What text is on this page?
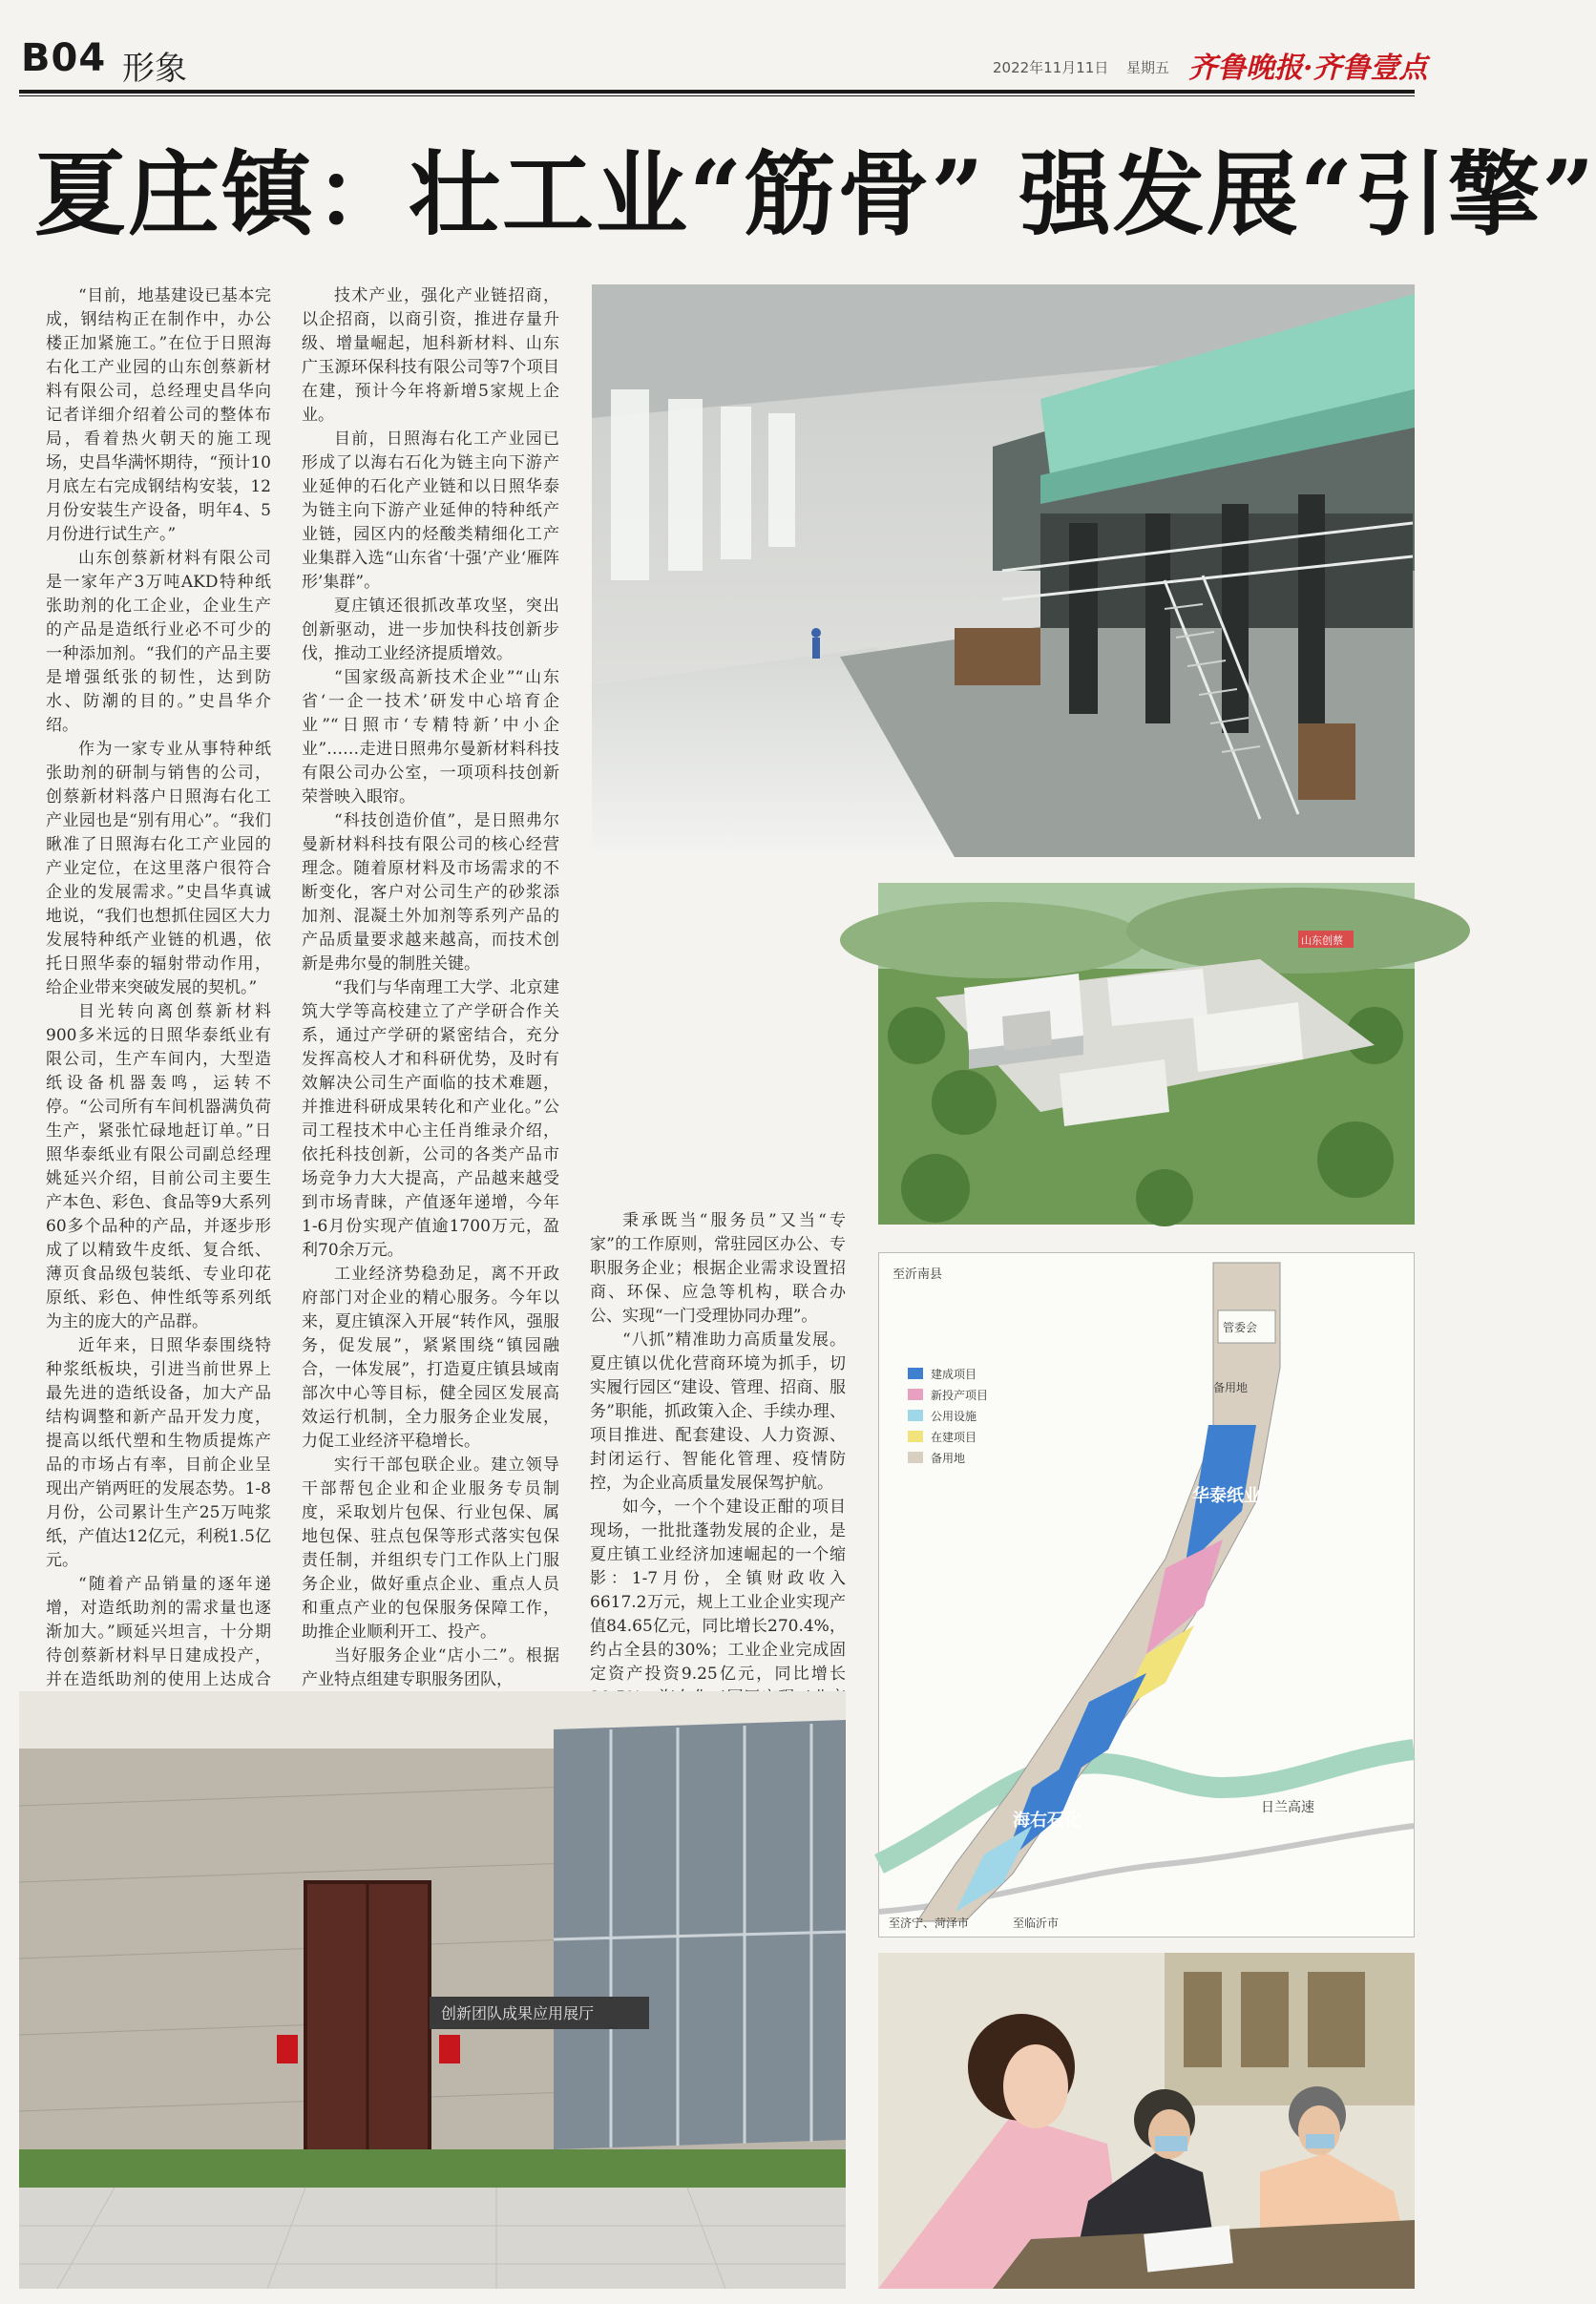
B04 形象	2022年11月11日 星期五 齐鲁晚报·齐鲁壹点
夏庄镇：壮工业“筋骨” 强发展“引擎”

“目前，地基建设已基本完成，钢结构正在制作中，办公楼正加紧施工。”在位于日照海右化工产业园的山东创蔡新材料有限公司，总经理史昌华向记者详细介绍着公司的整体布局，看着热火朝天的施工现场，史昌华满怀期待，“预计10月底左右完成钢结构安装，12月份安装生产设备，明年4、5月份进行试生产。”

山东创蔡新材料有限公司是一家年产3万吨AKD特种纸张助剂的化工企业，企业生产的产品是造纸行业必不可少的一种添加剂。“我们的产品主要是增强纸张的韧性，达到防水、防潮的目的。”史昌华介绍。

作为一家专业从事特种纸张助剂的研制与销售的公司，创蔡新材料落户日照海右化工产业园也是“别有用心”。“我们瞅准了日照海右化工产业园的产业定位，在这里落户很符合企业的发展需求。”史昌华真诚地说，“我们也想抓住园区大力发展特种纸产业链的机遇，依托日照华泰的辐射带动作用，给企业带来突破发展的契机。”

目光转向离创蔡新材料900多米远的日照华泰纸业有限公司，生产车间内，大型造纸设备机器轰鸣，运转不停。“公司所有车间机器满负荷生产，紧张忙碌地赶订单。”日照华泰纸业有限公司副总经理姚延兴介绍，目前公司主要生产本色、彩色、食品等9大系列60多个品种的产品，并逐步形成了以精致牛皮纸、复合纸、薄页食品级包装纸、专业印花原纸、彩色、伸性纸等系列纸为主的庞大的产品群。

近年来，日照华泰围绕特种浆纸板块，引进当前世界上最先进的造纸设备，加大产品结构调整和新产品开发力度，提高以纸代塑和生物质提炼产品的市场占有率，目前企业呈现出产销两旺的发展态势。1-8月份，公司累计生产25万吨浆纸，产值达12亿元，利税1.5亿元。

“随着产品销量的逐年递增，对造纸助剂的需求量也逐渐加大。”顾延兴坦言，十分期待创蔡新材料早日建成投产，并在造纸助剂的使用上达成合

技术产业，强化产业链招商，以企招商，以商引资，推进存量升级、增量崛起，旭科新材料、山东广玉源环保科技有限公司等7个项目在建，预计今年将新增5家规上企业。

目前，日照海右化工产业园已形成了以海右石化为链主向下游产业延伸的石化产业链和以日照华泰为链主向下游产业延伸的特种纸产业链，园区内的烃酸类精细化工产业集群入选“山东省‘十强’产业‘雁阵形’集群”。

夏庄镇还很抓改革攻坚，突出创新驱动，进一步加快科技创新步伐，推动工业经济提质增效。

“国家级高新技术企业”“山东省‘一企一技术’研发中心培育企业”“日照市‘专精特新’中小企业”……走进日照弗尔曼新材料科技有限公司办公室，一项项科技创新荣誉映入眼帘。

“科技创造价值”，是日照弗尔曼新材料科技有限公司的核心经营理念。随着原材料及市场需求的不断变化，客户对公司生产的砂浆添加剂、混凝土外加剂等系列产品的产品质量要求越来越高，而技术创新是弗尔曼的制胜关键。

“我们与华南理工大学、北京建筑大学等高校建立了产学研合作关系，通过产学研的紧密结合，充分发挥高校人才和科研优势，及时有效解决公司生产面临的技术难题，并推进科研成果转化和产业化。”公司工程技术中心主任肖维录介绍，依托科技创新，公司的各类产品市场竞争力大大提高，产品越来越受到市场青睐，产值逐年递增，今年1-6月份实现产值逾1700万元，盈利70余万元。

工业经济势稳劲足，离不开政府部门对企业的精心服务。今年以来，夏庄镇深入开展“转作风，强服务，促发展”，紧紧围绕“镇园融合，一体发展”，打造夏庄镇县域南部次中心等目标，健全园区发展高效运行机制，全力服务企业发展，力促工业经济平稳增长。

实行干部包联企业。建立领导干部帮包企业和企业服务专员制度，采取划片包保、行业包保、属地包保、驻点包保等形式落实包保责任制，并组织专门工作队上门服务企业，做好重点企业、重点人员和重点产业的包保服务保障工作，助推企业顺利开工、投产。

当好服务企业“店小二”。根据产业特点组建专职服务团队，

秉承既当“服务员”又当“专家”的工作原则，常驻园区办公、专职服务企业；根据企业需求设置招商、环保、应急等机构，联合办公、实现“一门受理协同办理”。

“八抓”精准助力高质量发展。夏庄镇以优化营商环境为抓手，切实履行园区“建设、管理、招商、服务”职能，抓政策入企、手续办理、项目推进、配套建设、人力资源、封闭运行、智能化管理、疫情防控，为企业高质量发展保驾护航。

如今，一个个建设正酣的项目现场，一批批蓬勃发展的企业，是夏庄镇工业经济加速崛起的一个缩影：1-7月份，全镇财政收入6617.2万元，规上工业企业实现产值84.65亿元，同比增长270.4%，约占全县的30%；工业企业完成固定资产投资9.25亿元，同比增长

山东创蔡
管委会
备用地
华泰纸业
海右石化
至沂南县
至济宁、菏泽市	至临沂市
日兰高速
建成项目
新投产项目
公用设施
在建项目
备用地
创新团队成果应用展厅
